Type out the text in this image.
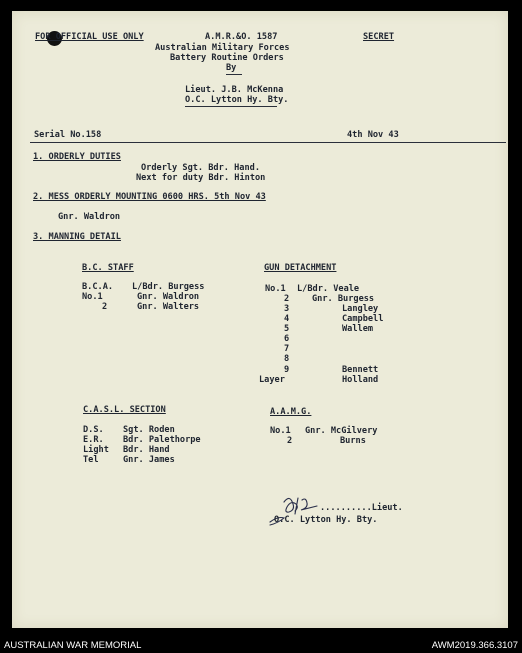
FOR OFFICIAL USE ONLY	A.M.R.&O. 1587	SECRET
Australian Military Forces
Battery Routine Orders
By
Lieut. J.B. McKenna
O.C. Lytton Hy. Bty.
Serial No.158	4th Nov 43
1. ORDERLY DUTIES
Orderly Sgt. Bdr. Hand.
Next for duty Bdr. Hinton
2. MESS ORDERLY MOUNTING 0600 HRS. 5th Nov 43
Gnr. Waldron
3. MANNING DETAIL
B.C. STAFF
B.C.A. L/Bdr. Burgess
No.1	Gnr. Waldron
2	Gnr. Walters
GUN DETACHMENT
No.1 L/Bdr. Veale
2	Gnr. Burgess
3	Langley
4	Campbell
5	Wallem
6
7
8
9	Bennett
Layer	Holland
C.A.S.L. SECTION
D.S. Sgt. Roden
E.R. Bdr. Palethorpe
Light Bdr. Hand
Tel	Gnr. James
A.A.M.G.
No.1 Gnr. McGilvery
2	Burns
..........Lieut.
O.C. Lytton Hy. Bty.
AUSTRALIAN WAR MEMORIAL	AWM2019.366.3107
